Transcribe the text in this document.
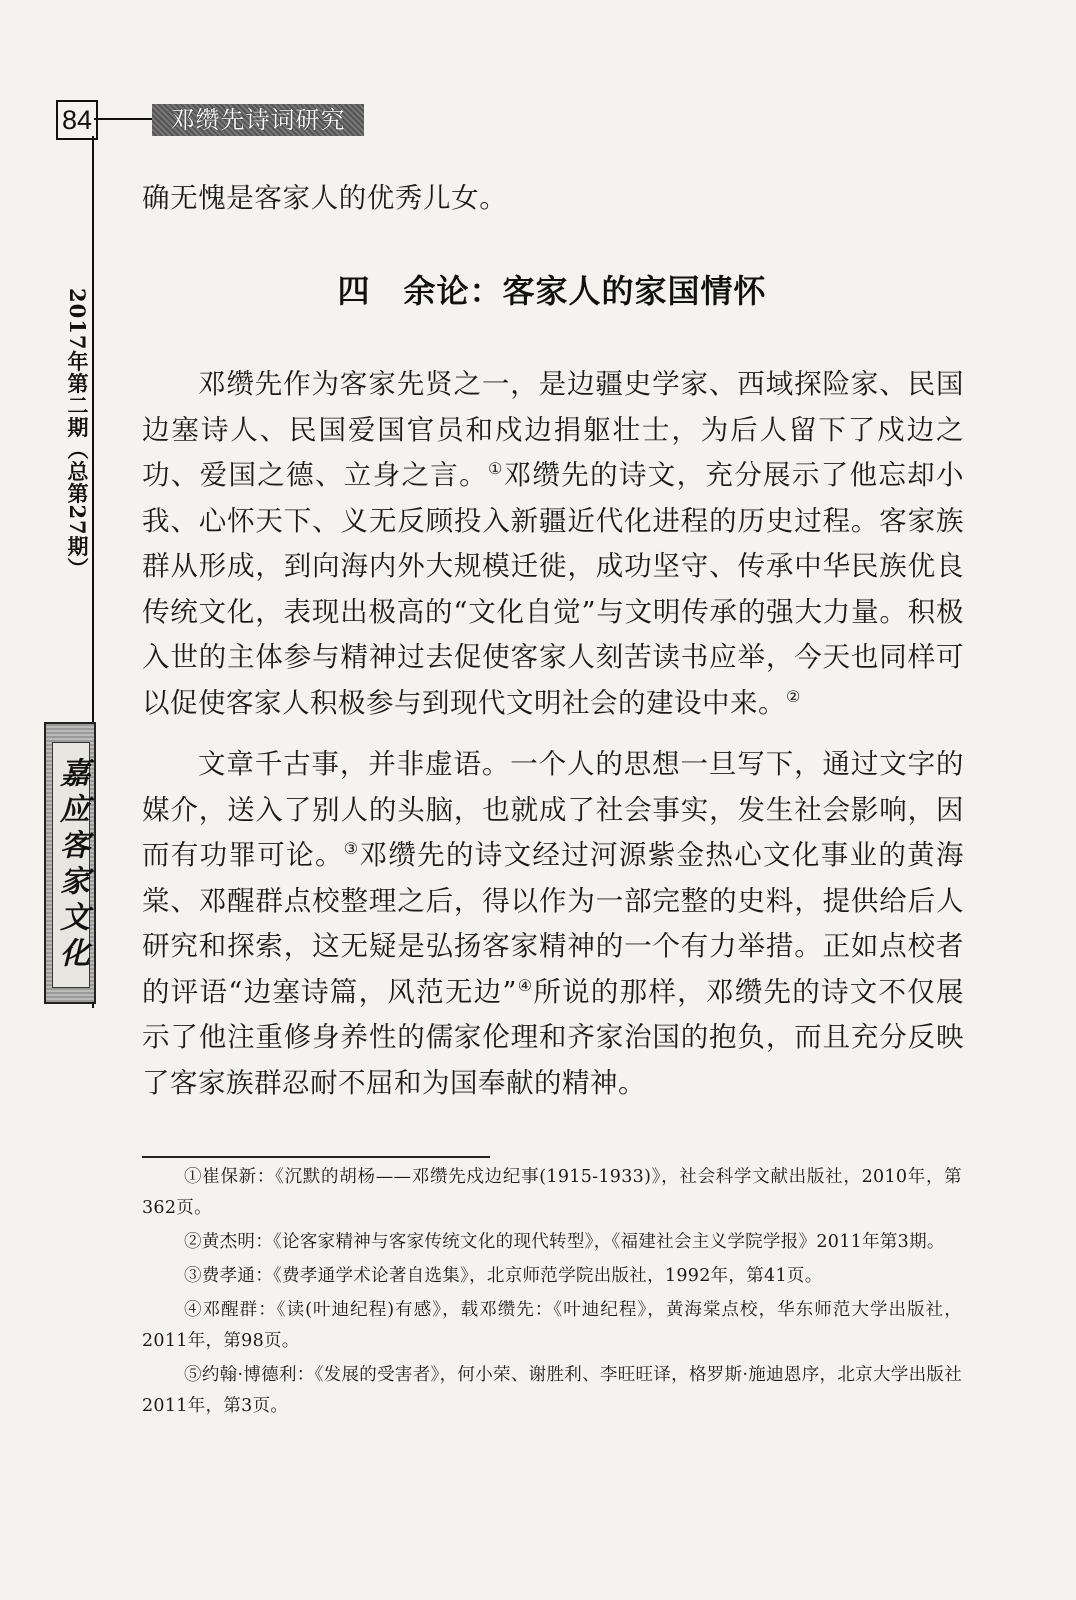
84	邓缵先诗词研究
2017年第二期（总第27期）
嘉应客家文化
确无愧是客家人的优秀儿女。
四　余论：客家人的家国情怀

邓缵先作为客家先贤之一，是边疆史学家、西域探险家、民国边塞诗人、民国爱国官员和戍边捐躯壮士，为后人留下了戍边之功、爱国之德、立身之言。①邓缵先的诗文，充分展示了他忘却小我、心怀天下、义无反顾投入新疆近代化进程的历史过程。客家族群从形成，到向海内外大规模迁徙，成功坚守、传承中华民族优良传统文化，表现出极高的“文化自觉”与文明传承的强大力量。积极入世的主体参与精神过去促使客家人刻苦读书应举，今天也同样可以促使客家人积极参与到现代文明社会的建设中来。②

文章千古事，并非虚语。一个人的思想一旦写下，通过文字的媒介，送入了别人的头脑，也就成了社会事实，发生社会影响，因而有功罪可论。③邓缵先的诗文经过河源紫金热心文化事业的黄海棠、邓醒群点校整理之后，得以作为一部完整的史料，提供给后人研究和探索，这无疑是弘扬客家精神的一个有力举措。正如点校者的评语“边塞诗篇，风范无边”④所说的那样，邓缵先的诗文不仅展示了他注重修身养性的儒家伦理和齐家治国的抱负，而且充分反映了客家族群忍耐不屈和为国奉献的精神。

①崔保新：《沉默的胡杨——邓缵先戍边纪事(1915-1933)》，社会科学文献出版社，2010年，第362页。

②黄杰明：《论客家精神与客家传统文化的现代转型》，《福建社会主义学院学报》2011年第3期。

③费孝通：《费孝通学术论著自选集》，北京师范学院出版社，1992年，第41页。

④邓醒群：《读(叶迪纪程)有感》，载邓缵先：《叶迪纪程》，黄海棠点校，华东师范大学出版社，2011年，第98页。

⑤约翰·博德利：《发展的受害者》，何小荣、谢胜利、李旺旺译，格罗斯·施迪恩序，北京大学出版社2011年，第3页。
